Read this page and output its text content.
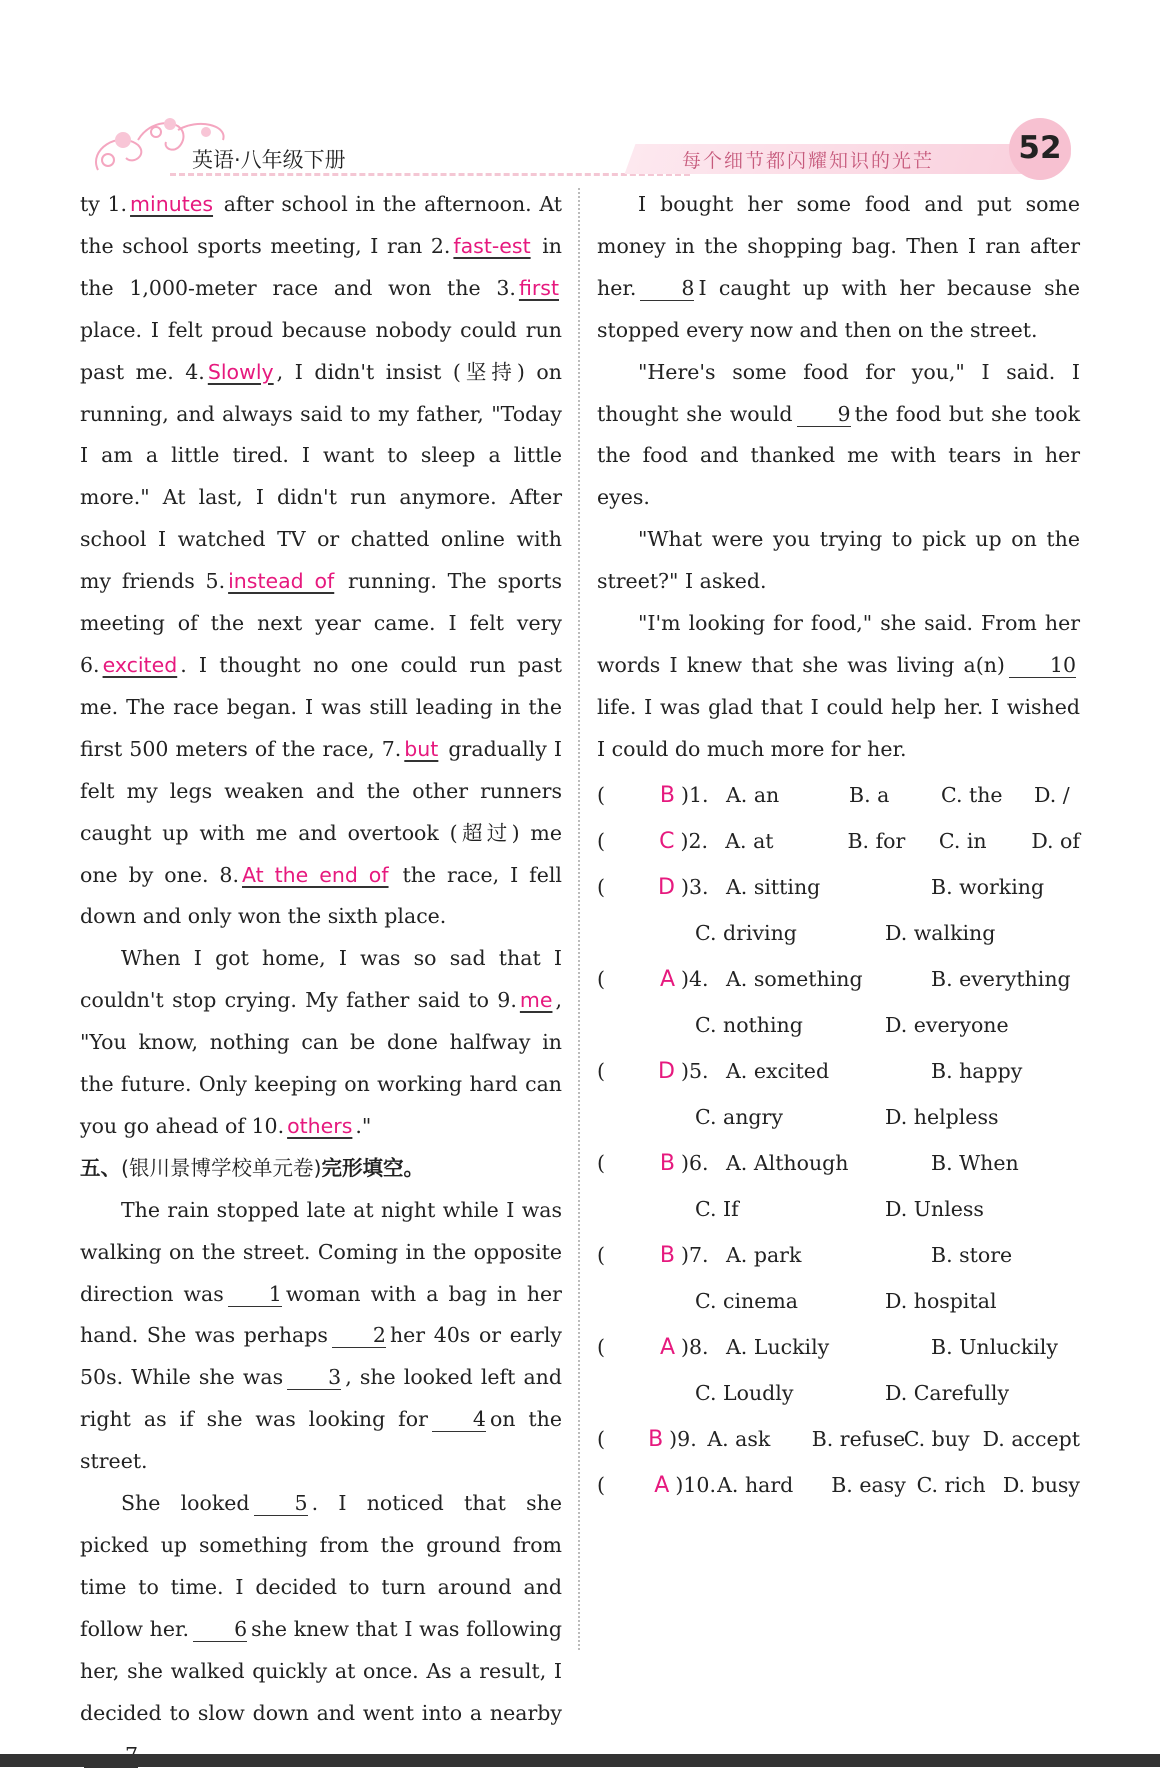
英语·八年级下册	每个细节都闪耀知识的光芒	52

ty 1. minutes after school in the afternoon. At the school sports meeting, I ran 2. fast-est in the 1,000-meter race and won the 3. first place. I felt proud because nobody could run past me. 4. Slowly , I didn't insist (坚持) on running, and always said to my father, "Today I am a little tired. I want to sleep a little more." At last, I didn't run anymore. After school I watched TV or chatted online with my friends 5. instead of running. The sports meeting of the next year came. I felt very 6. excited . I thought no one could run past me. The race began. I was still leading in the first 500 meters of the race, 7. but gradually I felt my legs weaken and the other runners caught up with me and overtook (超过) me one by one. 8. At the end of the race, I fell down and only won the sixth place.

When I got home, I was so sad that I couldn't stop crying. My father said to 9. me , "You know, nothing can be done halfway in the future. Only keeping on working hard can you go ahead of 10. others ."

五、(银川景博学校单元卷)完形填空。

The rain stopped late at night while I was walking on the street. Coming in the opposite direction was 1 woman with a bag in her hand. She was perhaps 2 her 40s or early 50s. While she was 3 , she looked left and right as if she was looking for 4 on the street.

She looked 5 . I noticed that she picked up something from the ground from time to time. I decided to turn around and follow her. 6 she knew that I was following her, she walked quickly at once. As a result, I decided to slow down and went into a nearby

I bought her some food and put some money in the shopping bag. Then I ran after her. 8 I caught up with her because she stopped every now and then on the street.

"Here's some food for you," I said. I thought she would 9 the food but she took the food and thanked me with tears in her eyes.

"What were you trying to pick up on the street?" I asked.

"I'm looking for food," she said. From her words I knew that she was living a(n) 10life. I was glad that I could help her. I wished I could do much more for her.

( B )1. A. an	B. a	C. the	D. /
( C )2. A. at	B. for	C. in	D. of
( D )3. A. sitting	B. working
C. driving	D. walking
( A )4. A. something	B. everything
C. nothing	D. everyone
( D )5. A. excited	B. happy
C. angry	D. helpless
( B )6. A. Although	B. When
C. If	D. Unless
( B )7. A. park	B. store
C. cinema	D. hospital
( A )8. A. Luckily	B. Unluckily
C. Loudly	D. Carefully
( B )9. A. ask	B. refuse
C. buy D. accept
( A )10. A. hard	B. easy C. rich D. busy
